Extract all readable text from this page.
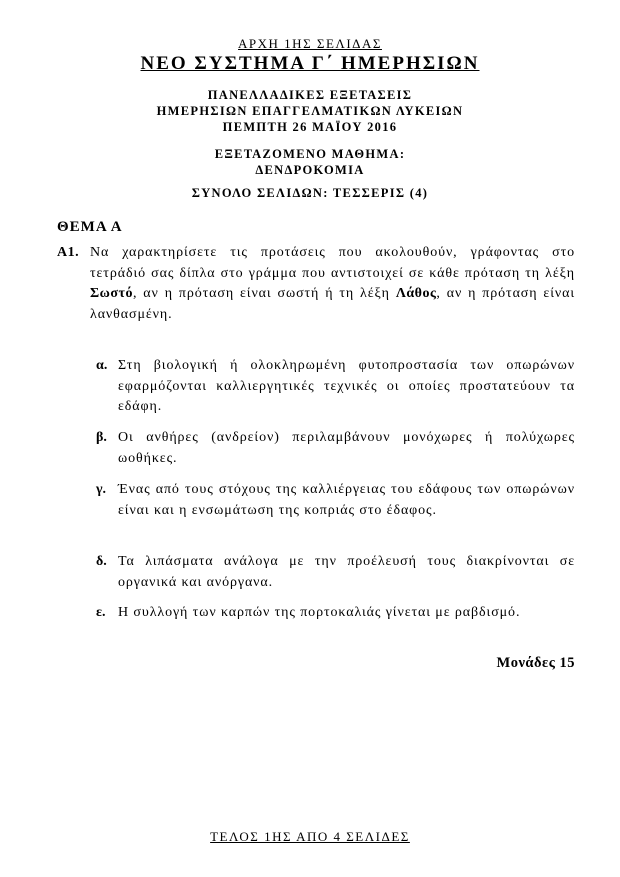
ΑΡΧΗ 1ΗΣ ΣΕΛΙΔΑΣ
ΝΕΟ ΣΥΣΤΗΜΑ Γ΄ ΗΜΕΡΗΣΙΩΝ
ΠΑΝΕΛΛΑΔΙΚΕΣ ΕΞΕΤΑΣΕΙΣ
ΗΜΕΡΗΣΙΩΝ ΕΠΑΓΓΕΛΜΑΤΙΚΩΝ ΛΥΚΕΙΩΝ
ΠΕΜΠΤΗ 26 ΜΑΪΟΥ 2016
ΕΞΕΤΑΖΟΜΕΝΟ ΜΑΘΗΜΑ:
ΔΕΝΔΡΟΚΟΜΙΑ
ΣΥΝΟΛΟ ΣΕΛΙΔΩΝ: ΤΕΣΣΕΡΙΣ (4)
ΘΕΜΑ Α
Α1. Να χαρακτηρίσετε τις προτάσεις που ακολουθούν, γράφοντας στο τετράδιό σας δίπλα στο γράμμα που αντιστοιχεί σε κάθε πρόταση τη λέξη Σωστό, αν η πρόταση είναι σωστή ή τη λέξη Λάθος, αν η πρόταση είναι λανθασμένη.
α. Στη βιολογική ή ολοκληρωμένη φυτοπροστασία των οπωρώνων εφαρμόζονται καλλιεργητικές τεχνικές οι οποίες προστατεύουν τα εδάφη.
β. Οι ανθήρες (ανδρείον) περιλαμβάνουν μονόχωρες ή πολύχωρες ωοθήκες.
γ. Ένας από τους στόχους της καλλιέργειας του εδάφους των οπωρώνων είναι και η ενσωμάτωση της κοπριάς στο έδαφος.
δ. Τα λιπάσματα ανάλογα με την προέλευσή τους διακρίνονται σε οργανικά και ανόργανα.
ε. Η συλλογή των καρπών της πορτοκαλιάς γίνεται με ραβδισμό.
Μονάδες 15
ΤΕΛΟΣ 1ΗΣ ΑΠΟ 4 ΣΕΛΙΔΕΣ
